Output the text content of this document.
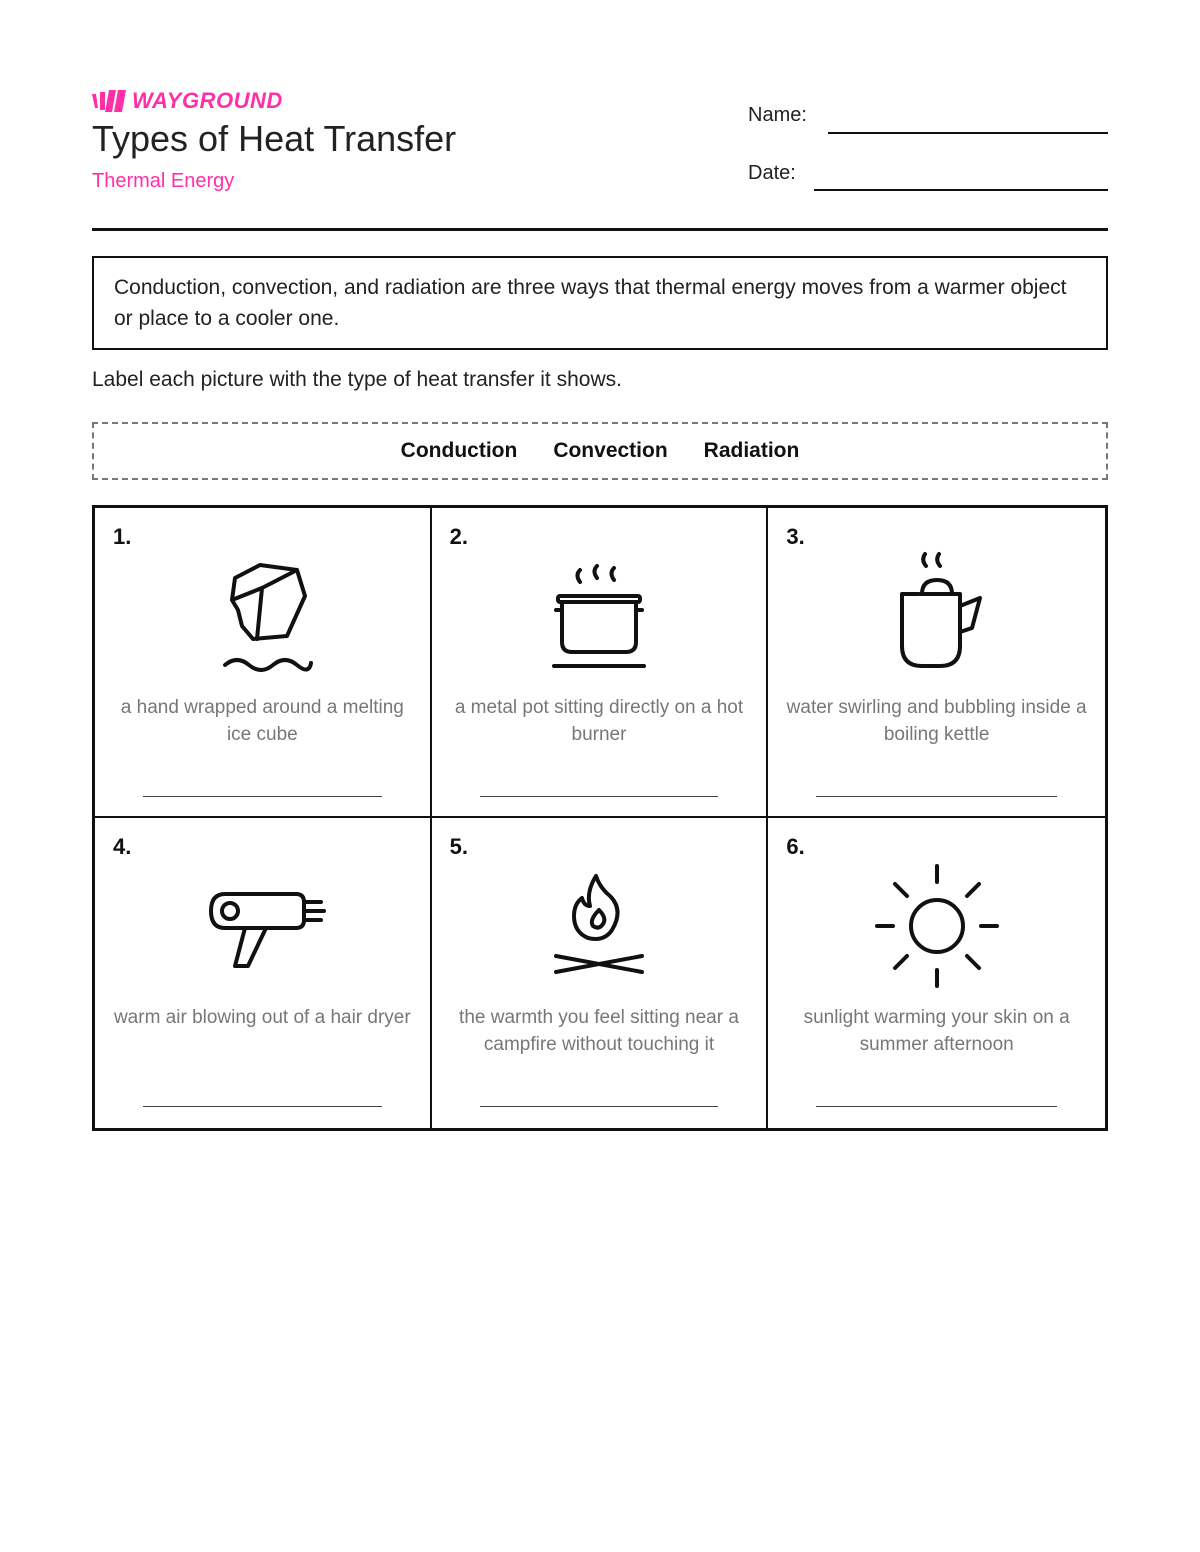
WAYGROUND
Types of Heat Transfer
Thermal Energy
Name:
Date:
Conduction, convection, and radiation are three ways that thermal energy moves from a warmer object or place to a cooler one.
Label each picture with the type of heat transfer it shows.
Conduction Convection Radiation
1.
a hand wrapped around a melting ice cube
2.
a metal pot sitting directly on a hot burner
3.
water swirling and bubbling inside a boiling kettle
4.
warm air blowing out of a hair dryer
5.
the warmth you feel sitting near a campfire without touching it
6.
sunlight warming your skin on a summer afternoon
